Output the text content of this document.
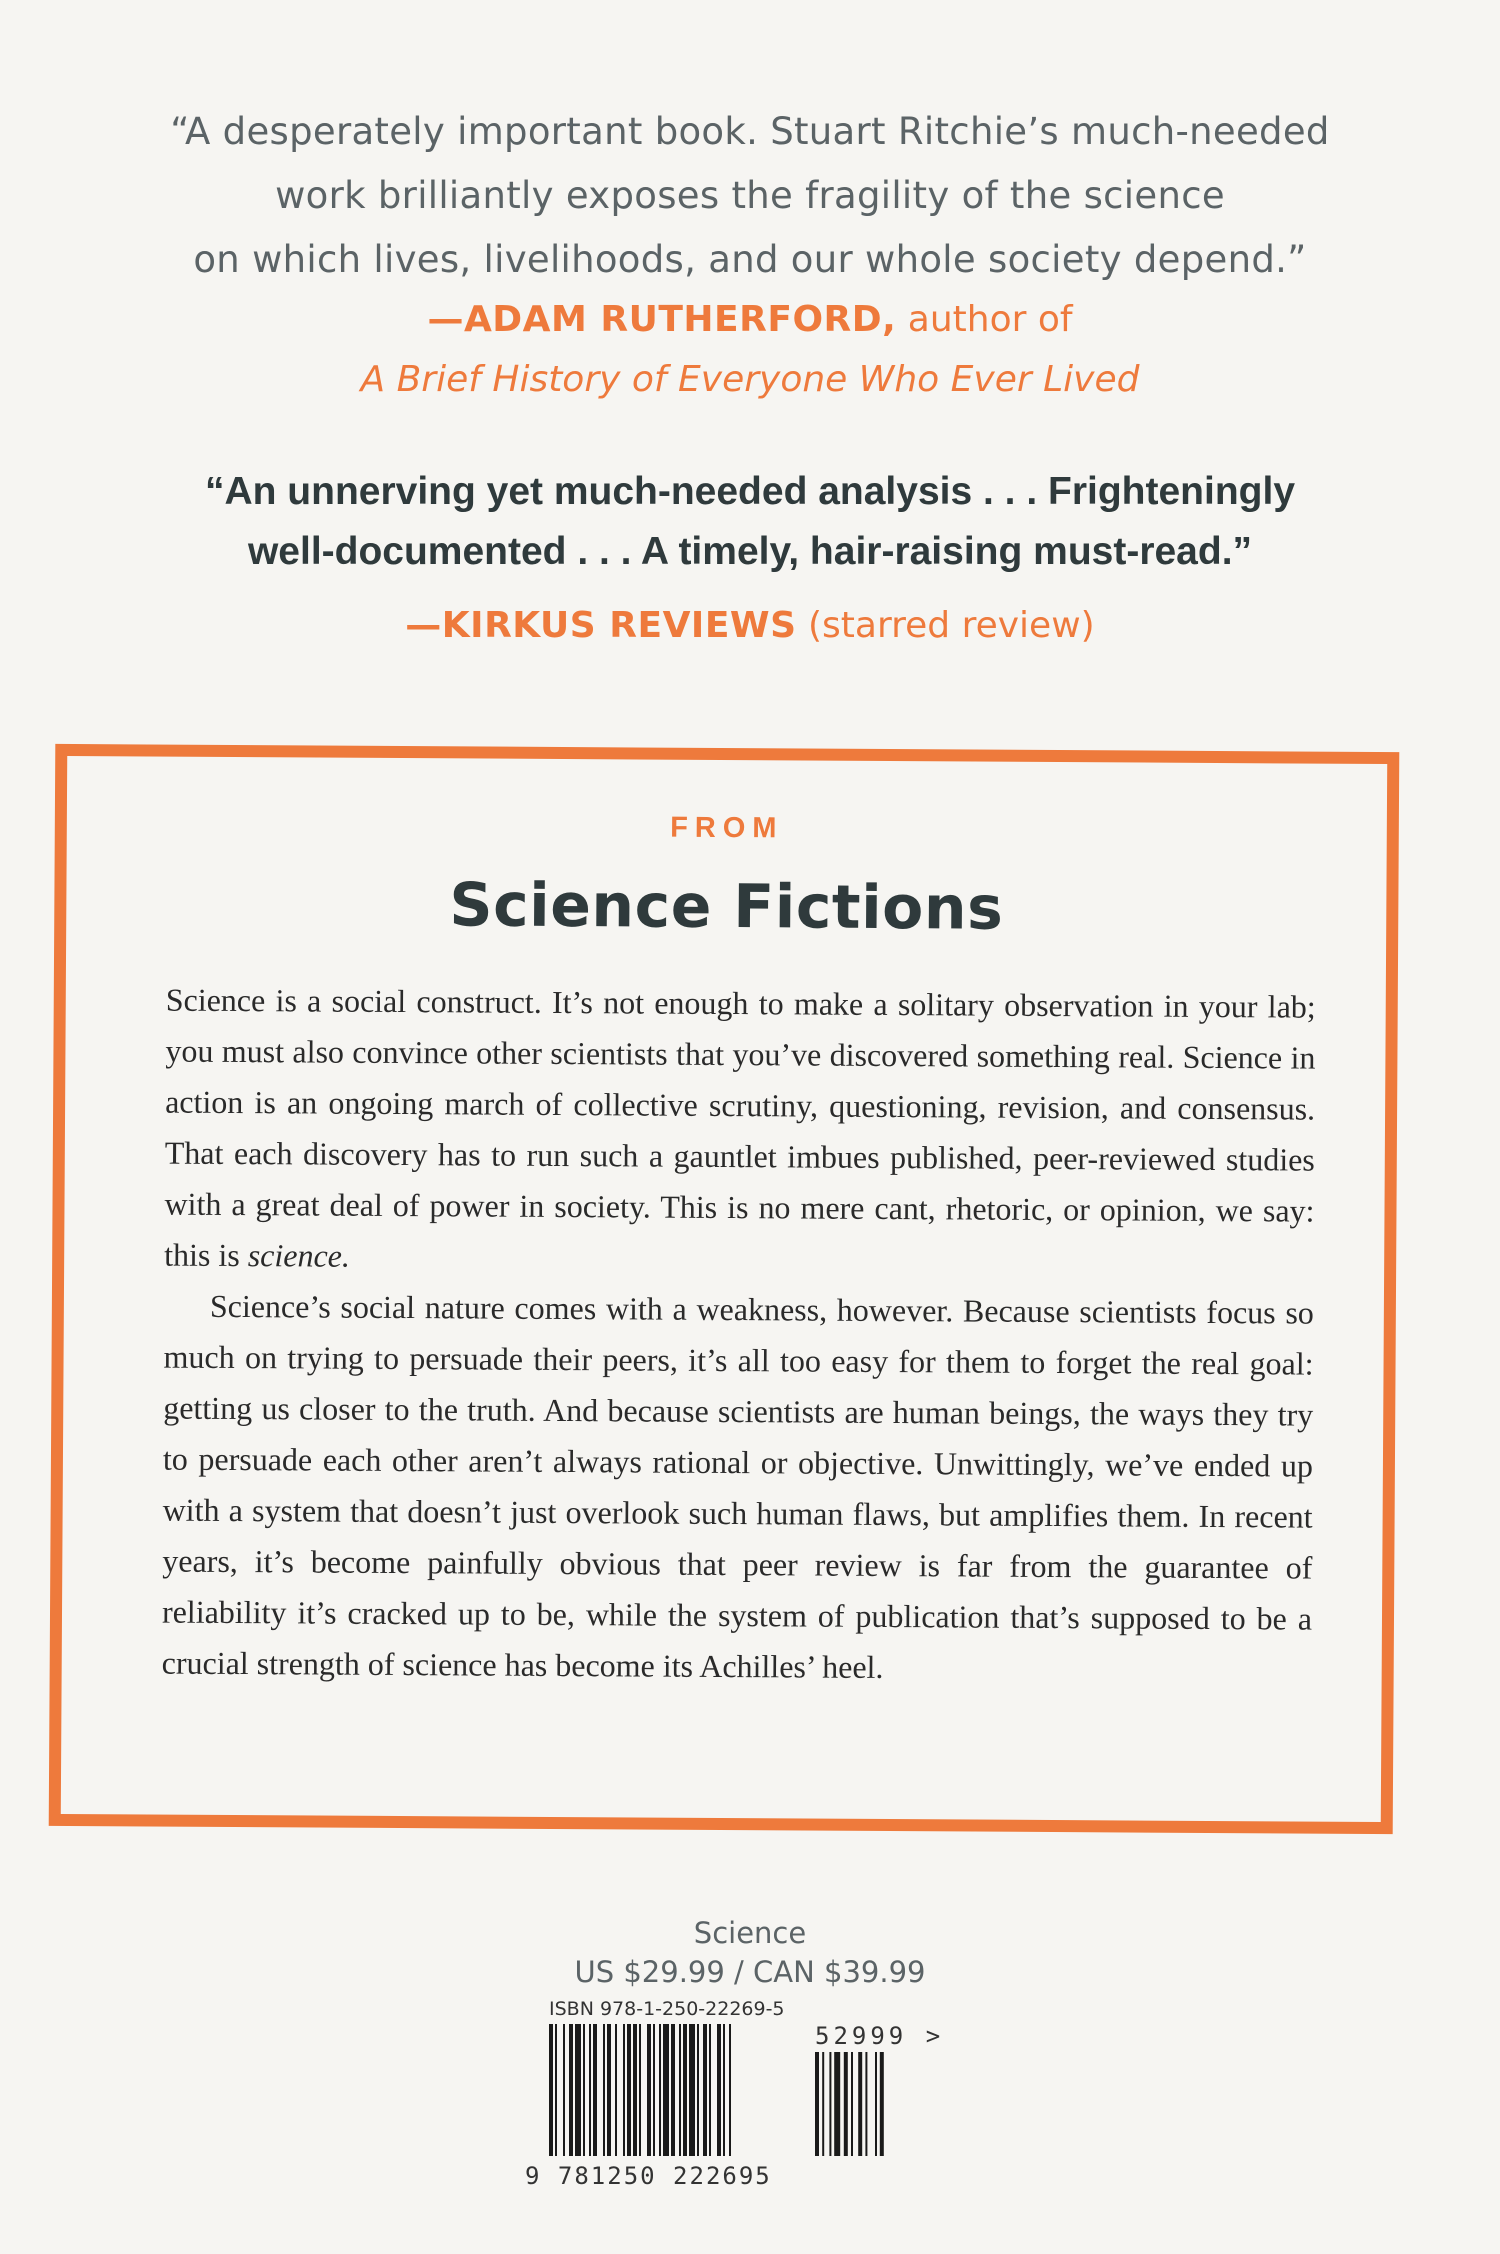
“A desperately important book. Stuart Ritchie’s much-needed
work brilliantly exposes the fragility of the science
on which lives, livelihoods, and our whole society depend.”
—ADAM RUTHERFORD, author of
A Brief History of Everyone Who Ever Lived
“An unnerving yet much-needed analysis . . . Frighteningly
well-documented . . . A timely, hair-raising must-read.”
—KIRKUS REVIEWS (starred review)
FROM
Science Fictions

Science is a social construct. It’s not enough to make a solitary observation in your lab; you must also convince other scientists that you’ve discovered something real. Science in action is an ongoing march of collective scrutiny, questioning, revision, and consensus. That each discovery has to run such a gauntlet imbues published, peer-reviewed studies with a great deal of power in society. This is no mere cant, rhetoric, or opinion, we say: this is science.

Science’s social nature comes with a weakness, however. Because scientists focus so much on trying to persuade their peers, it’s all too easy for them to forget the real goal: getting us closer to the truth. And because scientists are human beings, the ways they try to persuade each other aren’t always rational or objective. Unwittingly, we’ve ended up with a system that doesn’t just overlook such human flaws, but amplifies them. In recent years, it’s become painfully obvious that peer review is far from the guarantee of reliability it’s cracked up to be, while the system of publication that’s supposed to be a crucial strength of science has become its Achilles’ heel.

Science
US $29.99 / CAN $39.99
ISBN 978-1-250-22269-5
52999 >
9 781250 222695
